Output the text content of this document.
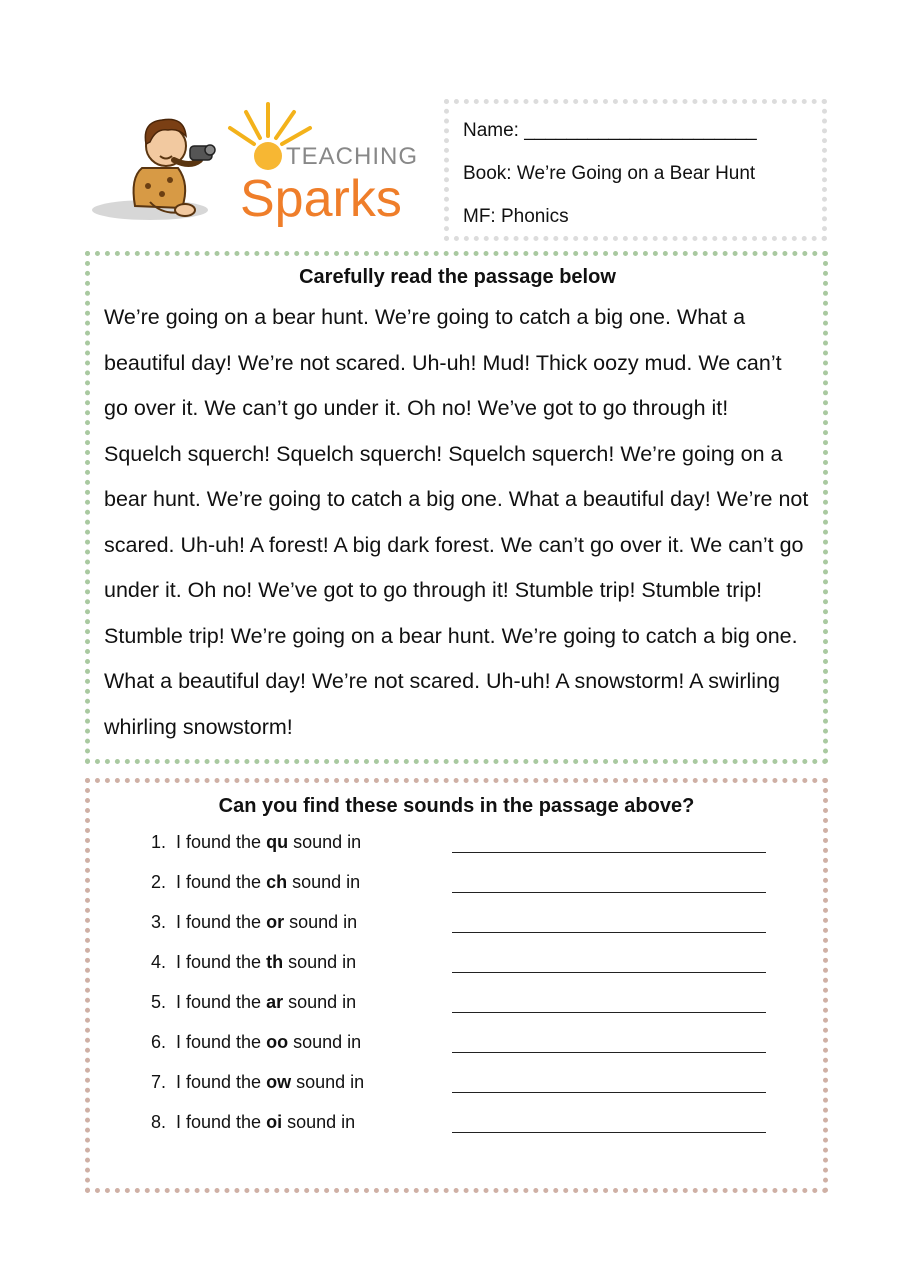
TEACHING
Sparks
Name: ______________________
Book: We’re Going on a Bear Hunt
MF: Phonics
Carefully read the passage below

We’re going on a bear hunt. We’re going to catch a big one. What a beautiful day! We’re not scared. Uh-uh! Mud! Thick oozy mud. We can’t go over it. We can’t go under it. Oh no! We’ve got to go through it! Squelch squerch! Squelch squerch! Squelch squerch! We’re going on a bear hunt. We’re going to catch a big one. What a beautiful day! We’re not scared. Uh-uh! A forest! A big dark forest. We can’t go over it. We can’t go under it. Oh no! We’ve got to go through it! Stumble trip! Stumble trip! Stumble trip! We’re going on a bear hunt. We’re going to catch a big one. What a beautiful day! We’re not scared. Uh-uh! A snowstorm! A swirling whirling snowstorm!

Can you find these sounds in the passage above?
1. I found the qu sound in
2. I found the ch sound in
3. I found the or sound in
4. I found the th sound in
5. I found the ar sound in
6. I found the oo sound in
7. I found the ow sound in
8. I found the oi sound in
